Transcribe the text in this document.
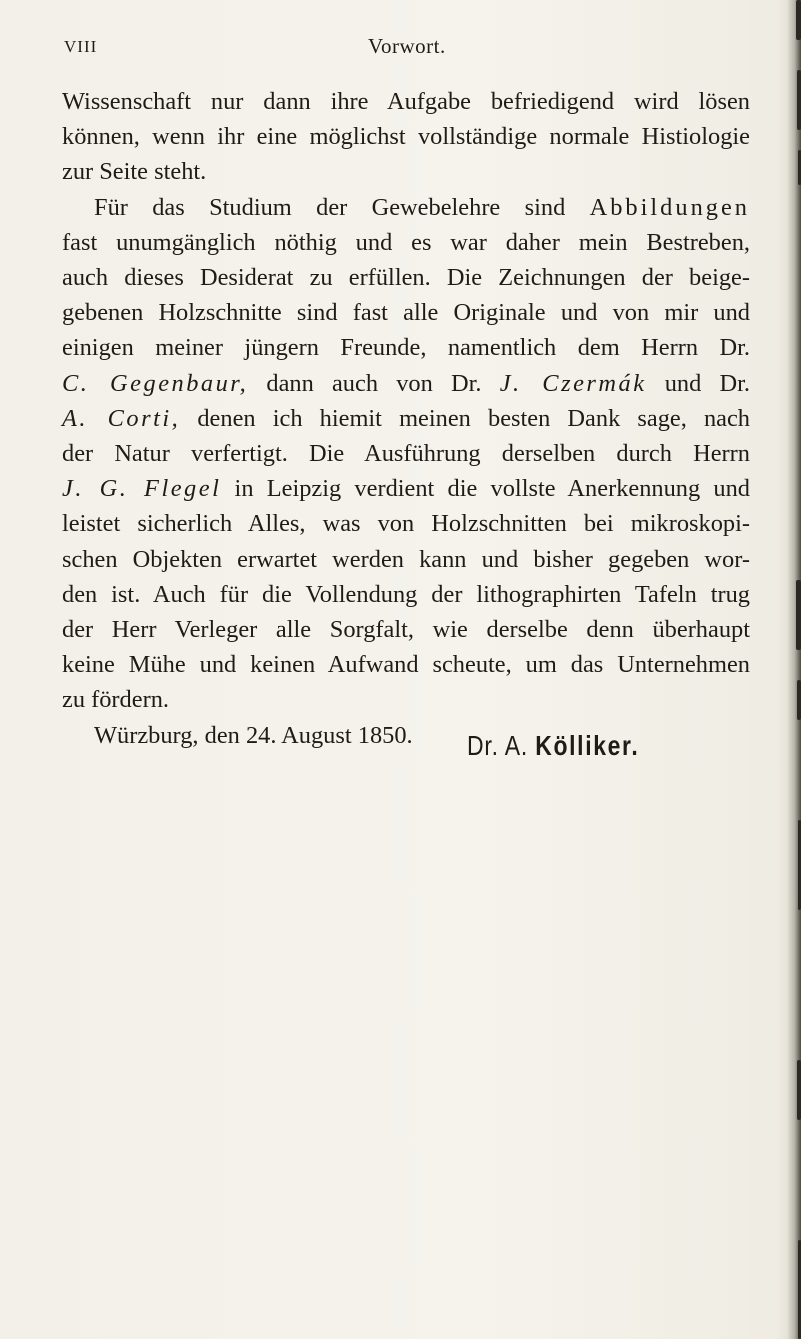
VIII	Vorwort.
Wissenschaft nur dann ihre Aufgabe befriedigend wird lösen
können, wenn ihr eine möglichst vollständige normale Histiologie
zur Seite steht.
Für das Studium der Gewebelehre sind Abbildungen
fast unumgänglich nöthig und es war daher mein Bestreben,
auch dieses Desiderat zu erfüllen. Die Zeichnungen der beige-
gebenen Holzschnitte sind fast alle Originale und von mir und
einigen meiner jüngern Freunde, namentlich dem Herrn Dr.
C. Gegenbaur, dann auch von Dr. J. Czermák und Dr.
A. Corti, denen ich hiemit meinen besten Dank sage, nach
der Natur verfertigt. Die Ausführung derselben durch Herrn
J. G. Flegel in Leipzig verdient die vollste Anerkennung und
leistet sicherlich Alles, was von Holzschnitten bei mikroskopi-
schen Objekten erwartet werden kann und bisher gegeben wor-
den ist. Auch für die Vollendung der lithographirten Tafeln trug
der Herr Verleger alle Sorgfalt, wie derselbe denn überhaupt
keine Mühe und keinen Aufwand scheute, um das Unternehmen
zu fördern.
Würzburg, den 24. August 1850.	Dr. A. Kölliker.
